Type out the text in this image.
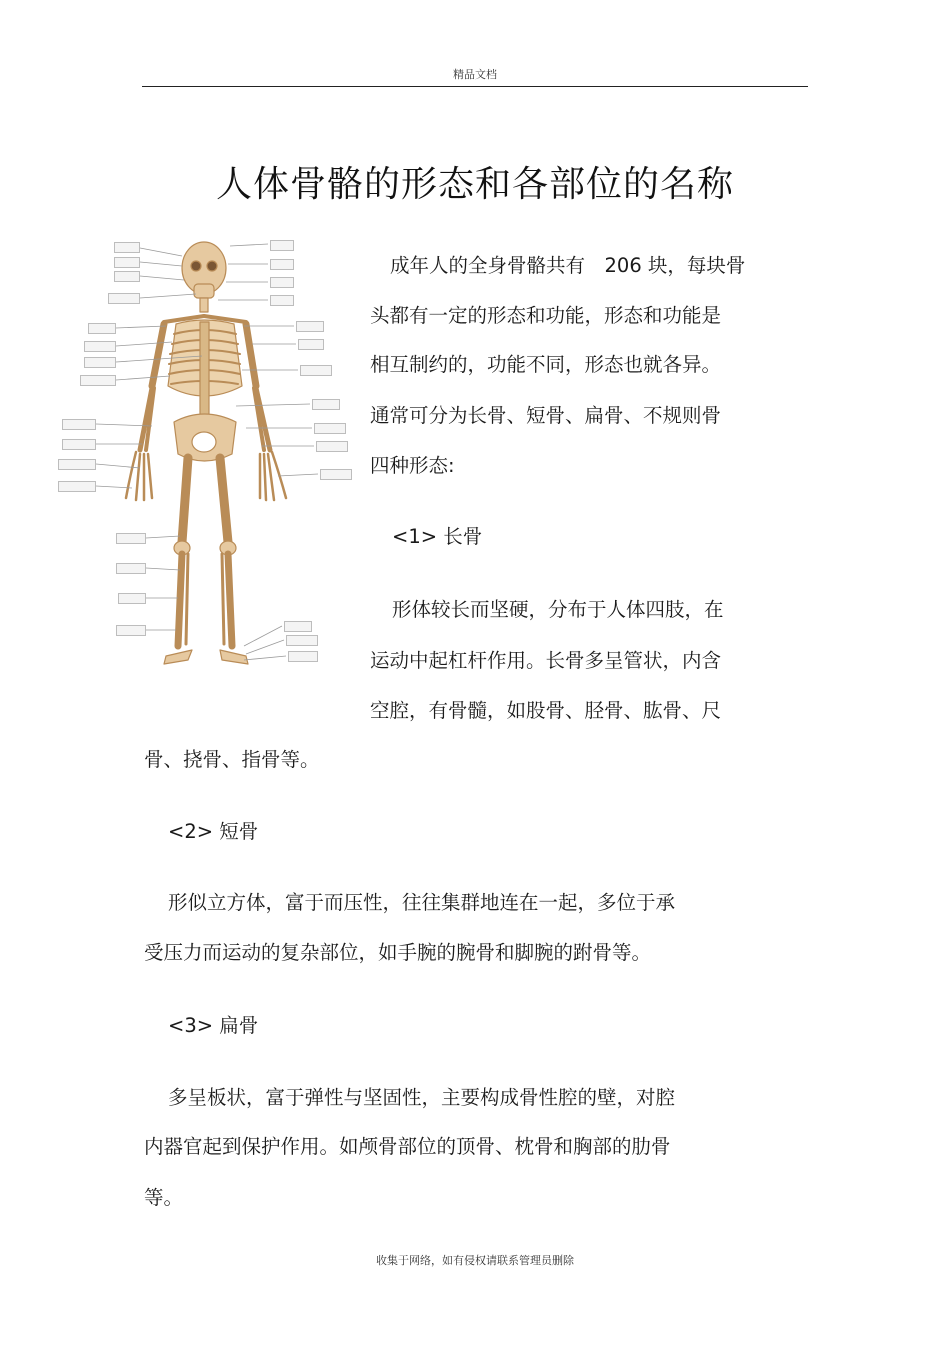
精品文档
人体骨骼的形态和各部位的名称
成年人的全身骨骼共有　206 块，每块骨
头都有一定的形态和功能，形态和功能是
相互制约的，功能不同，形态也就各异。
通常可分为长骨、短骨、扁骨、不规则骨
四种形态:
<1> 长骨
形体较长而坚硬，分布于人体四肢，在
运动中起杠杆作用。长骨多呈管状，内含
空腔，有骨髓，如股骨、胫骨、肱骨、尺
骨、挠骨、指骨等。
<2> 短骨
形似立方体，富于而压性，往往集群地连在一起，多位于承
受压力而运动的复杂部位，如手腕的腕骨和脚腕的跗骨等。
<3> 扁骨
多呈板状，富于弹性与坚固性，主要构成骨性腔的壁，对腔
内器官起到保护作用。如颅骨部位的顶骨、枕骨和胸部的肋骨
等。
收集于网络，如有侵权请联系管理员删除
